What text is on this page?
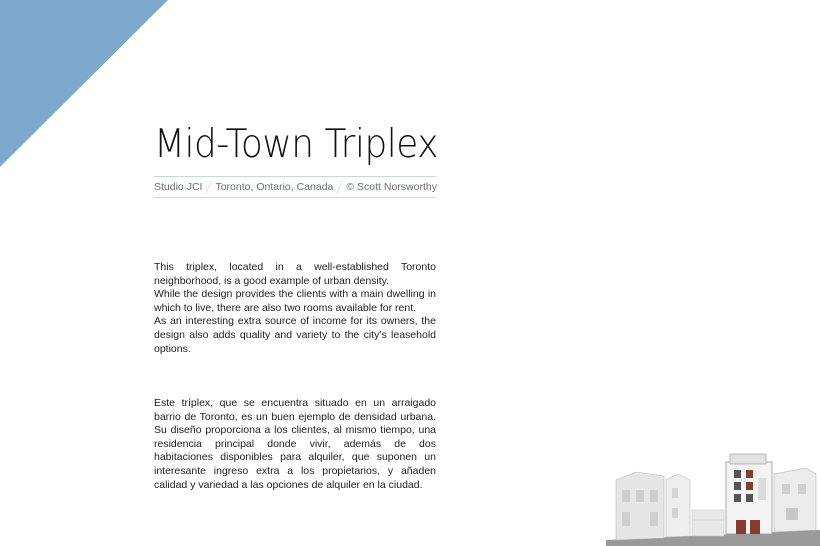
Mid-Town Triplex
Studio JCI Toronto, Ontario, Canada © Scott Norsworthy
This triplex, located in a well-established Toronto neighborhood, is a good example of urban density.
While the design provides the clients with a main dwelling in which to live, there are also two rooms available for rent.
As an interesting extra source of income for its owners, the design also adds quality and variety to the city’s leasehold options.

Este tríplex, que se encuentra situado en un arraigado barrio de Toronto, es un buen ejemplo de densidad urbana. Su diseño proporciona a los clientes, al mismo tiempo, una residencia principal donde vivir, además de dos habitaciones disponibles para alquiler, que suponen un interesante ingreso extra a los propietarios, y añaden calidad y variedad a las opciones de alquiler en la ciudad.
